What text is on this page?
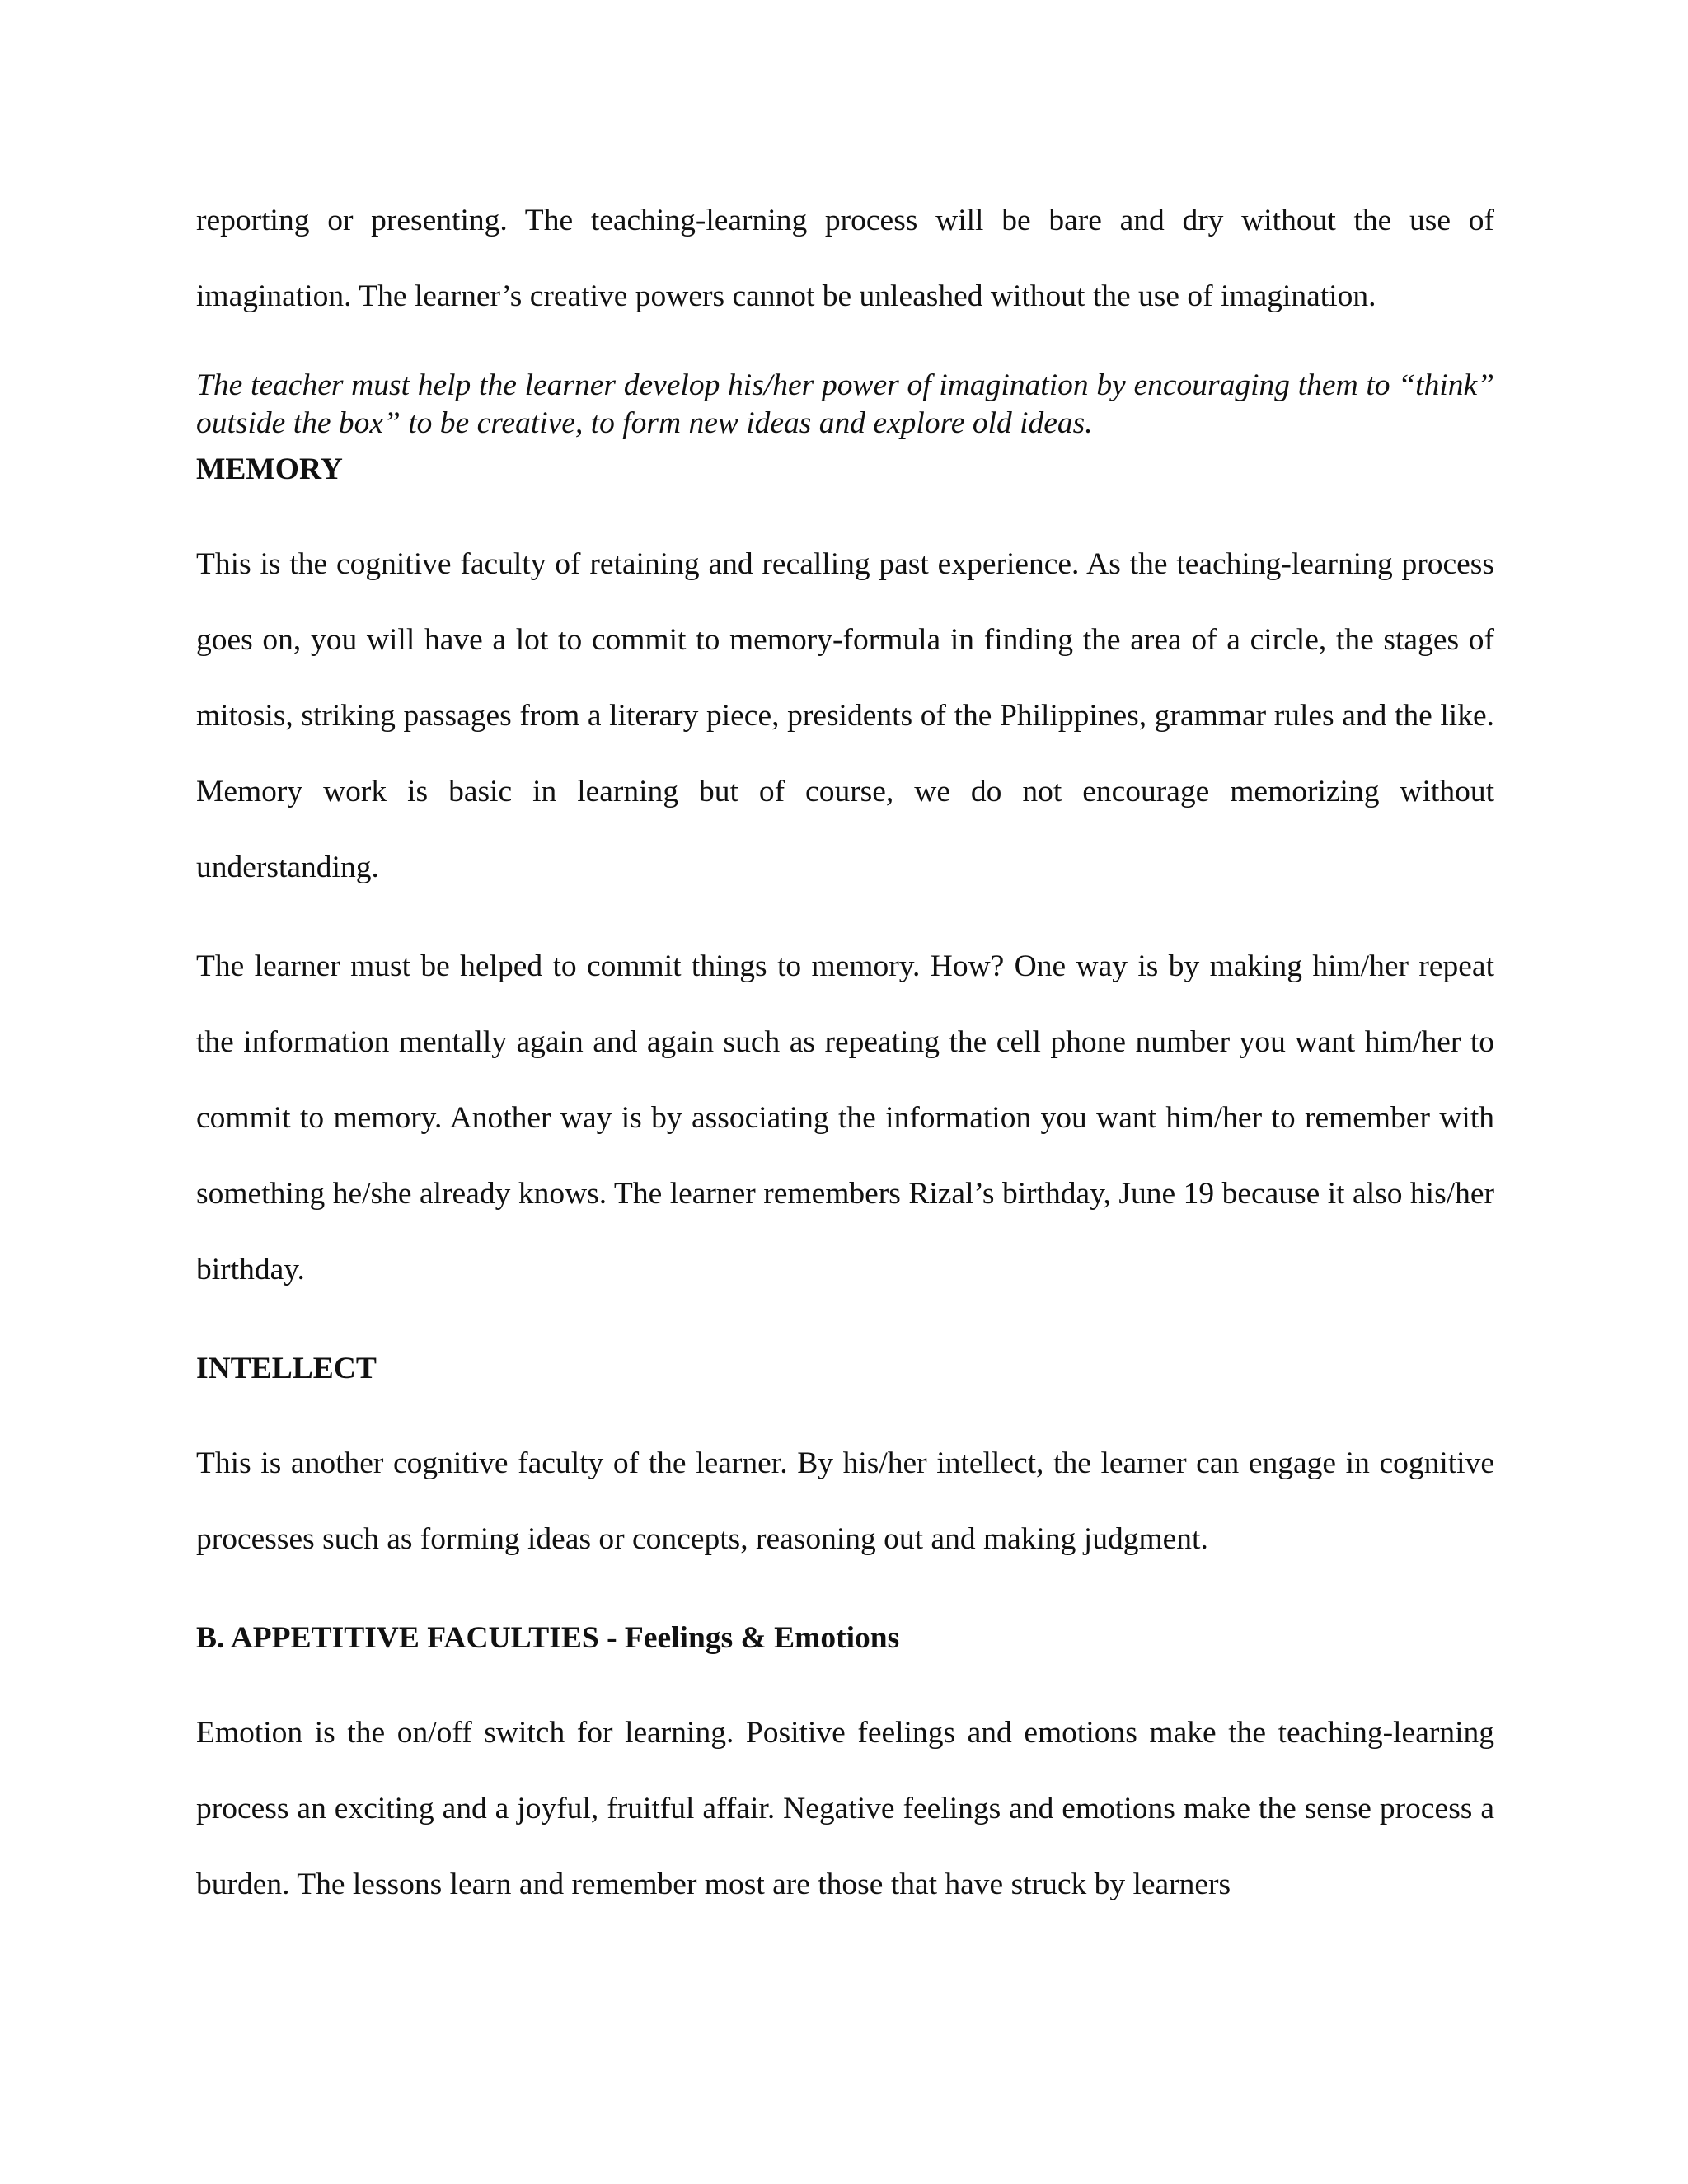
reporting or presenting. The teaching-learning process will be bare and dry without the use of imagination. The learner’s creative powers cannot be unleashed without the use of imagination.

The teacher must help the learner develop his/her power of imagination by encouraging them to “think” outside the box” to be creative, to form new ideas and explore old ideas.

MEMORY

This is the cognitive faculty of retaining and recalling past experience. As the teaching-learning process goes on, you will have a lot to commit to memory-formula in finding the area of a circle, the stages of mitosis, striking passages from a literary piece, presidents of the Philippines, grammar rules and the like. Memory work is basic in learning but of course, we do not encourage memorizing without understanding.

The learner must be helped to commit things to memory. How? One way is by making him/her repeat the information mentally again and again such as repeating the cell phone number you want him/her to commit to memory. Another way is by associating the information you want him/her to remember with something he/she already knows. The learner remembers Rizal’s birthday, June 19 because it also his/her birthday.

INTELLECT

This is another cognitive faculty of the learner. By his/her intellect, the learner can engage in cognitive processes such as forming ideas or concepts, reasoning out and making judgment.

B. APPETITIVE FACULTIES - Feelings & Emotions

Emotion is the on/off switch for learning. Positive feelings and emotions make the teaching-learning process an exciting and a joyful, fruitful affair. Negative feelings and emotions make the sense process a burden. The lessons learn and remember most are those that have struck by learners
